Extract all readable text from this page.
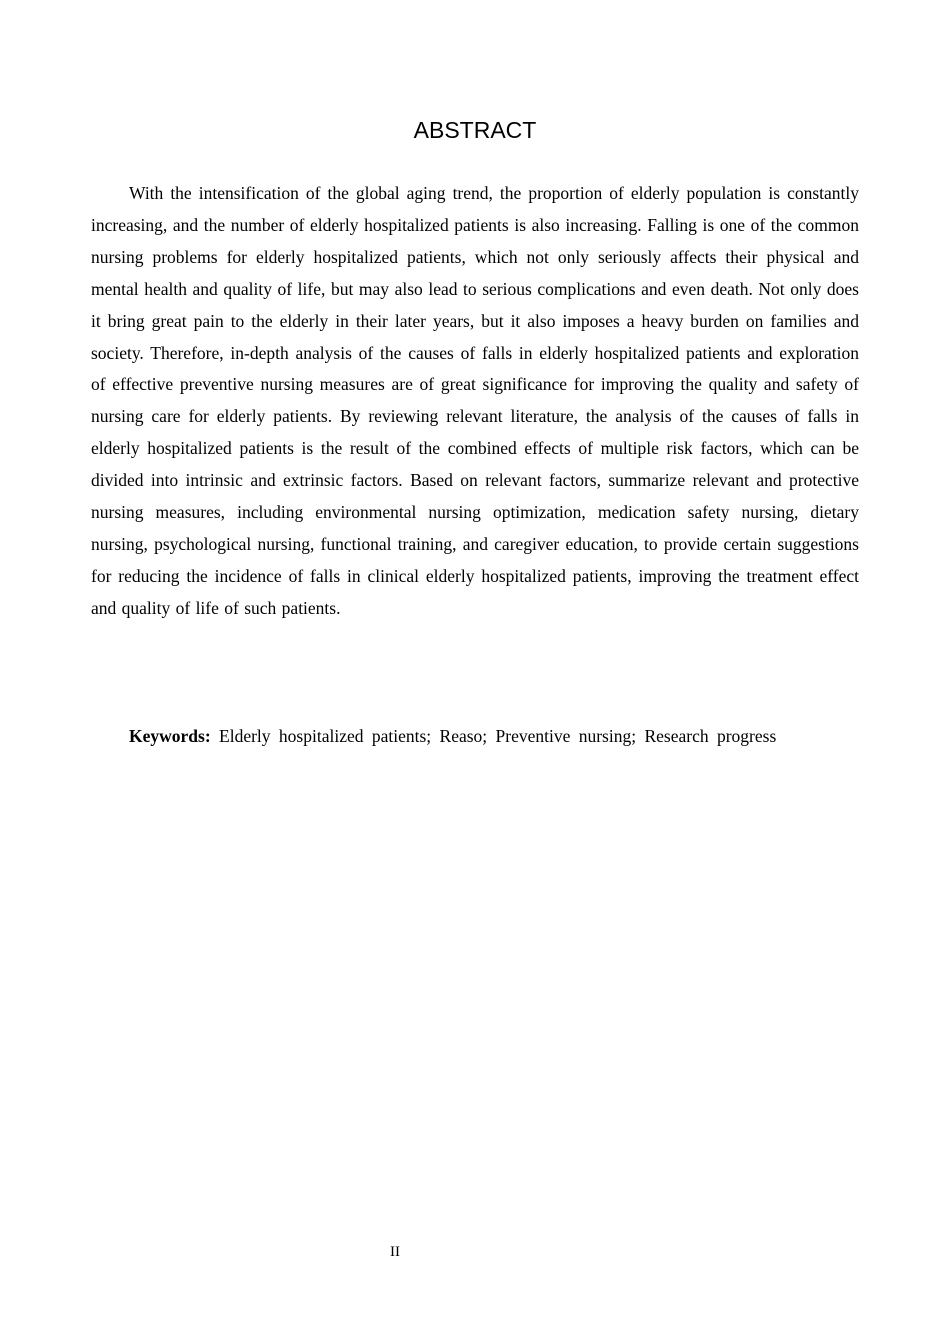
ABSTRACT

With the intensification of the global aging trend, the proportion of elderly population is constantly increasing, and the number of elderly hospitalized patients is also increasing. Falling is one of the common nursing problems for elderly hospitalized patients, which not only seriously affects their physical and mental health and quality of life, but may also lead to serious complications and even death. Not only does it bring great pain to the elderly in their later years, but it also imposes a heavy burden on families and society. Therefore, in-depth analysis of the causes of falls in elderly hospitalized patients and exploration of effective preventive nursing measures are of great significance for improving the quality and safety of nursing care for elderly patients. By reviewing relevant literature, the analysis of the causes of falls in elderly hospitalized patients is the result of the combined effects of multiple risk factors, which can be divided into intrinsic and extrinsic factors. Based on relevant factors, summarize relevant and protective nursing measures, including environmental nursing optimization, medication safety nursing, dietary nursing, psychological nursing, functional training, and caregiver education, to provide certain suggestions for reducing the incidence of falls in clinical elderly hospitalized patients, improving the treatment effect and quality of life of such patients.

Keywords: Elderly hospitalized patients; Reaso; Preventive nursing; Research progress

II
